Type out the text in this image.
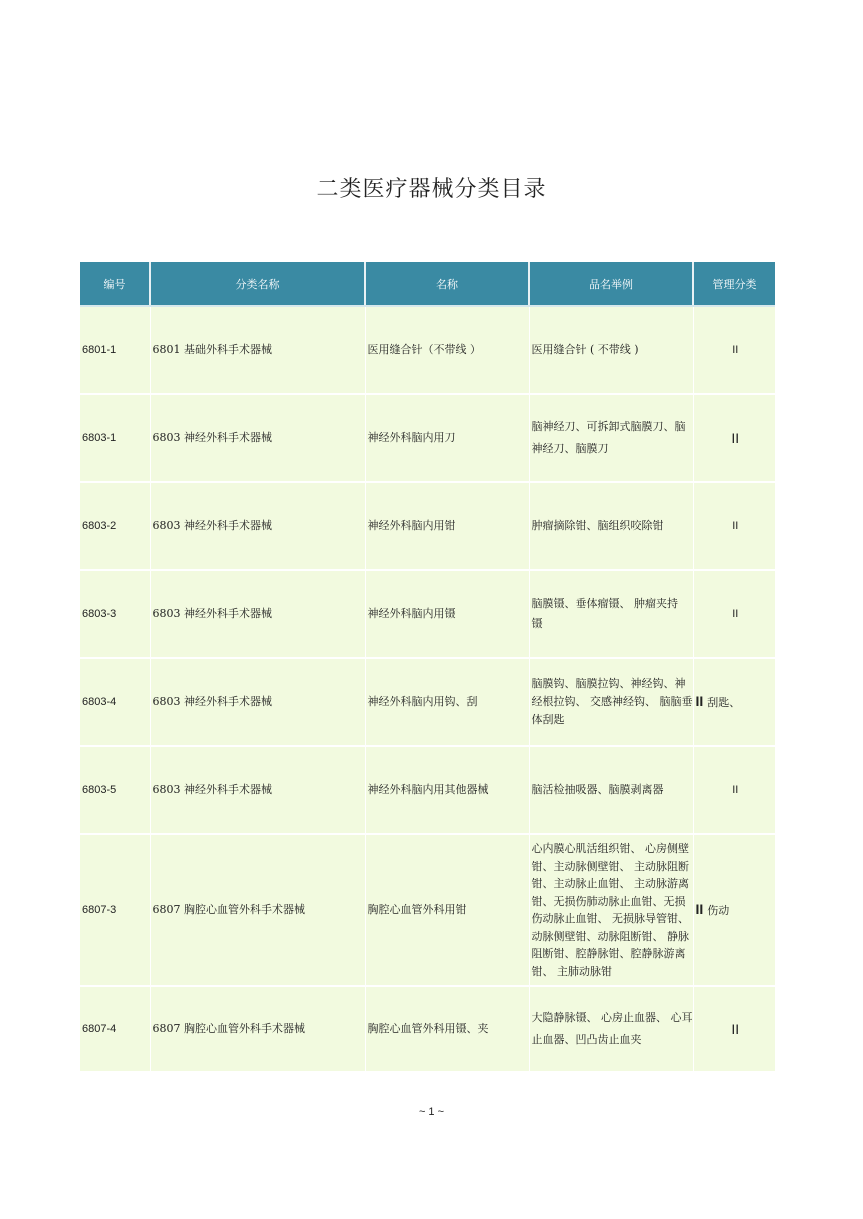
二类医疗器械分类目录
编号	分类名称	名称	品名举例	管理分类
6801-1	6801 基础外科手术器械	医用缝合针（不带线 ）	医用缝合针 ( 不带线 )	II
6803-1	6803 神经外科手术器械	神经外科脑内用刀	脑神经刀、可拆卸式脑膜刀、脑神经刀、脑膜刀	II
6803-2	6803 神经外科手术器械	神经外科脑内用钳	肿瘤摘除钳、脑组织咬除钳	II
6803-3	6803 神经外科手术器械	神经外科脑内用镊	脑膜镊、垂体瘤镊、 肿瘤夹持镊	II
6803-4	6803 神经外科手术器械	神经外科脑内用钩、刮	脑膜钩、脑膜拉钩、神经钩、神经根拉钩、 交感神经钩、 脑脑垂体刮匙	II 刮匙、
6803-5	6803 神经外科手术器械	神经外科脑内用其他器械	脑活检抽吸器、脑膜剥离器	II
6807-3	6807 胸腔心血管外科手术器械	胸腔心血管外科用钳	心内膜心肌活组织钳、 心房侧壁钳、主动脉侧壁钳、 主动脉阻断钳、主动脉止血钳、 主动脉游离钳、无损伤肺动脉止血钳、无损伤动脉止血钳、 无损脉导管钳、动脉侧壁钳、动脉阻断钳、 静脉阻断钳、腔静脉钳、腔静脉游离钳、 主肺动脉钳	II 伤动
6807-4	6807 胸腔心血管外科手术器械	胸腔心血管外科用镊、夹	大隐静脉镊、 心房止血器、 心耳止血器、凹凸齿止血夹	II
~ 1 ~
